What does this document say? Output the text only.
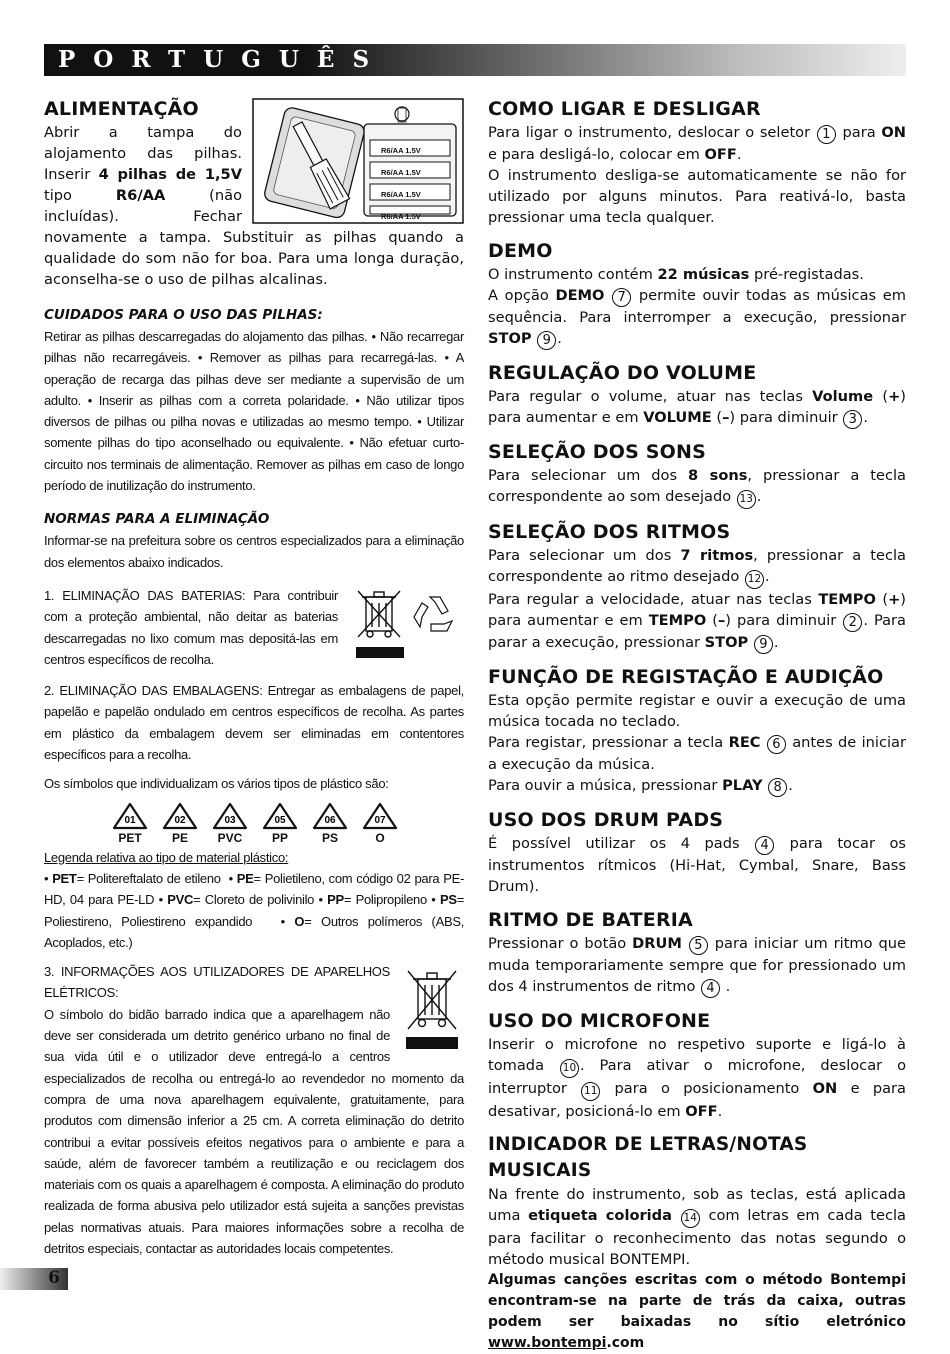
PORTUGUÊS
R6/AA 1.5V
R6/AA 1.5V
R6/AA 1.5V
R6/AA 1.5V
ALIMENTAÇÃO

Abrir a tampa do alojamento das pilhas. Inserir 4 pilhas de 1,5V tipo R6/AA (não incluídas). Fechar novamente a tampa. Substituir as pilhas quando a qualidade do som não for boa. Para uma longa duração, aconselha-se o uso de pilhas alcalinas.

CUIDADOS PARA O USO DAS PILHAS:

Retirar as pilhas descarregadas do alojamento das pilhas. • Não recarregar pilhas não recarregáveis. • Remover as pilhas para recarregá-las. • A operação de recarga das pilhas deve ser mediante a supervisão de um adulto. • Inserir as pilhas com a correta polaridade. • Não utilizar tipos diversos de pilhas ou pilha novas e utilizadas ao mesmo tempo. • Utilizar somente pilhas do tipo aconselhado ou equivalente. • Não efetuar curto-circuito nos terminais de alimentação. Remover as pilhas em caso de longo período de inutilização do instrumento.

NORMAS PARA A ELIMINAÇÃO

Informar-se na prefeitura sobre os centros especializados para a eliminação dos elementos abaixo indicados.

1. ELIMINAÇÃO DAS BATERIAS: Para contribuir com a proteção ambiental, não deitar as baterias descarregadas no lixo comum mas depositá-las em centros específicos de recolha.

2. ELIMINAÇÃO DAS EMBALAGENS: Entregar as embalagens de papel, papelão e papelão ondulado em centros específicos de recolha. As partes em plástico da embalagem devem ser eliminadas em contentores específicos para a recolha.

Os símbolos que individualizam os vários tipos de plástico são:

01
PET
02
PE
03
PVC
05
PP
06
PS
07
O

Legenda relativa ao tipo de material plástico:

• PET= Politereftalato de etileno  • PE= Polietileno, com código 02 para PE-HD, 04 para PE-LD • PVC= Cloreto de polivinilo • PP= Polipropileno • PS= Poliestireno, Poliestireno expandido   • O= Outros polímeros (ABS, Acoplados, etc.)

3. INFORMAÇÕES AOS UTILIZADORES DE APARELHOS ELÉTRICOS:

O símbolo do bidão barrado indica que a aparelhagem não deve ser considerada um detrito genérico urbano no final de sua vida útil e o utilizador deve entregá-lo a centros especializados de recolha ou entregá-lo ao revendedor no momento da compra de uma nova aparelhagem equivalente, gratuitamente, para produtos com dimensão inferior a 25 cm. A correta eliminação do detrito contribui a evitar possíveis efeitos negativos para o ambiente e para a saúde, além de favorecer também a reutilização e ou reciclagem dos materiais com os quais a aparelhagem é composta. A eliminação do produto realizada de forma abusiva pelo utilizador está sujeita a sanções previstas pelas normativas atuais. Para maiores informações sobre a recolha de detritos especiais, contactar as autoridades locais competentes.

COMO LIGAR E DESLIGAR

Para ligar o instrumento, deslocar o seletor 1 para ON e para desligá-lo, colocar em OFF.

O instrumento desliga-se automaticamente se não for utilizado por alguns minutos. Para reativá-lo, basta pressionar uma tecla qualquer.

DEMO

O instrumento contém 22 músicas pré-registadas.

A opção DEMO 7 permite ouvir todas as músicas em sequência. Para interromper a execução, pressionar STOP 9 .

REGULAÇÃO DO VOLUME

Para regular o volume, atuar nas teclas Volume (+) para aumentar e em VOLUME (–) para diminuir 3 .

SELEÇÃO DOS SONS

Para selecionar um dos 8 sons, pressionar a tecla correspondente ao som desejado 13 .

SELEÇÃO DOS RITMOS

Para selecionar um dos 7 ritmos, pressionar a tecla correspondente ao ritmo desejado 12 .

Para regular a velocidade, atuar nas teclas TEMPO (+) para aumentar e em TEMPO (–) para diminuir 2 . Para parar a execução, pressionar STOP 9 .

FUNÇÃO DE REGISTAÇÃO E AUDIÇÃO

Esta opção permite registar e ouvir a execução de uma música tocada no teclado.

Para registar, pressionar a tecla REC 6 antes de iniciar a execução da música.

Para ouvir a música, pressionar PLAY 8 .

USO DOS DRUM PADS

É possível utilizar os 4 pads 4 para tocar os instrumentos rítmicos (Hi-Hat, Cymbal, Snare, Bass Drum).

RITMO DE BATERIA

Pressionar o botão DRUM 5 para iniciar um ritmo que muda temporariamente sempre que for pressionado um dos 4 instrumentos de ritmo 4 .

USO DO MICROFONE

Inserir o microfone no respetivo suporte e ligá-lo à tomada 10 . Para ativar o microfone, deslocar o interruptor 11 para o posicionamento ON e para desativar, posicioná-lo em OFF.

INDICADOR DE LETRAS/NOTAS MUSICAIS

Na frente do instrumento, sob as teclas, está aplicada uma etiqueta colorida 14 com letras em cada tecla para facilitar o reconhecimento das notas segundo o método musical BONTEMPI.

Algumas canções escritas com o método Bontempi encontram-se na parte de trás da caixa, outras podem ser baixadas no sítio eletrónico www.bontempi.com

6
